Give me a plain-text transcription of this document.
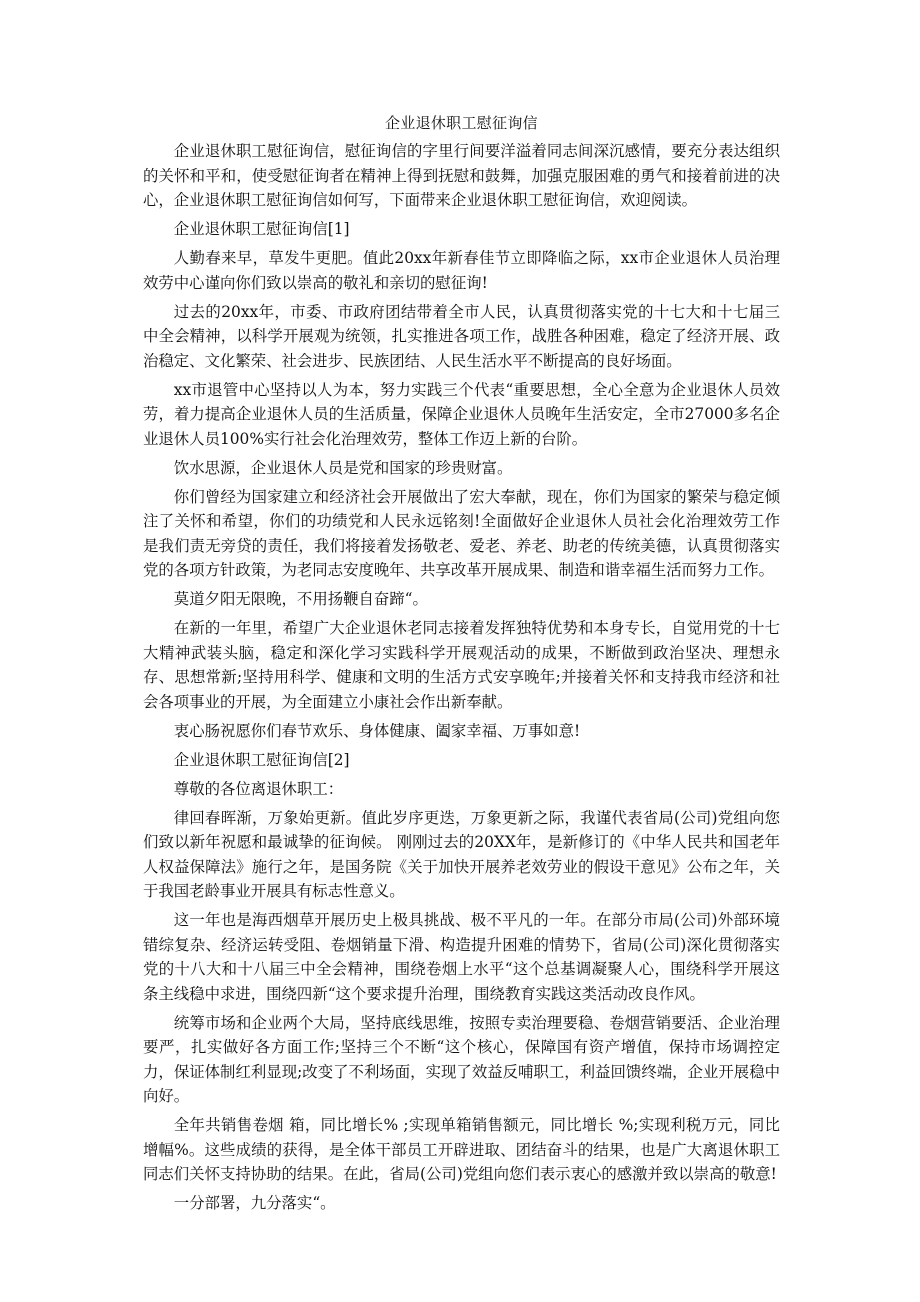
企业退休职工慰征询信

企业退休职工慰征询信，慰征询信的字里行间要洋溢着同志间深沉感情，要充分表达组织的关怀和平和，使受慰征询者在精神上得到抚慰和鼓舞，加强克服困难的勇气和接着前进的决心，企业退休职工慰征询信如何写，下面带来企业退休职工慰征询信，欢迎阅读。

企业退休职工慰征询信[1]

人勤春来早，草发牛更肥。值此20xx年新春佳节立即降临之际，xx市企业退休人员治理效劳中心谨向你们致以崇高的敬礼和亲切的慰征询!

过去的20xx年，市委、市政府团结带着全市人民，认真贯彻落实党的十七大和十七届三中全会精神，以科学开展观为统领，扎实推进各项工作，战胜各种困难，稳定了经济开展、政治稳定、文化繁荣、社会进步、民族团结、人民生活水平不断提高的良好场面。

xx市退管中心坚持以人为本，努力实践三个代表“重要思想，全心全意为企业退休人员效劳，着力提高企业退休人员的生活质量，保障企业退休人员晚年生活安定，全市27000多名企业退休人员100%实行社会化治理效劳，整体工作迈上新的台阶。

饮水思源，企业退休人员是党和国家的珍贵财富。

你们曾经为国家建立和经济社会开展做出了宏大奉献，现在，你们为国家的繁荣与稳定倾注了关怀和希望，你们的功绩党和人民永远铭刻!全面做好企业退休人员社会化治理效劳工作是我们责无旁贷的责任，我们将接着发扬敬老、爱老、养老、助老的传统美德，认真贯彻落实党的各项方针政策，为老同志安度晚年、共享改革开展成果、制造和谐幸福生活而努力工作。

莫道夕阳无限晚，不用扬鞭自奋蹄“。

在新的一年里，希望广大企业退休老同志接着发挥独特优势和本身专长，自觉用党的十七大精神武装头脑，稳定和深化学习实践科学开展观活动的成果，不断做到政治坚决、理想永存、思想常新;坚持用科学、健康和文明的生活方式安享晚年;并接着关怀和支持我市经济和社会各项事业的开展，为全面建立小康社会作出新奉献。

衷心肠祝愿你们春节欢乐、身体健康、阖家幸福、万事如意!

企业退休职工慰征询信[2]

尊敬的各位离退休职工：

律回春晖渐，万象始更新。值此岁序更迭，万象更新之际，我谨代表省局(公司)党组向您们致以新年祝愿和最诚挚的征询候。 刚刚过去的20XX年，是新修订的《中华人民共和国老年人权益保障法》施行之年，是国务院《关于加快开展养老效劳业的假设干意见》公布之年，关于我国老龄事业开展具有标志性意义。

这一年也是海西烟草开展历史上极具挑战、极不平凡的一年。在部分市局(公司)外部环境错综复杂、经济运转受阻、卷烟销量下滑、构造提升困难的情势下，省局(公司)深化贯彻落实党的十八大和十八届三中全会精神，围绕卷烟上水平“这个总基调凝聚人心，围绕科学开展这条主线稳中求进，围绕四新“这个要求提升治理，围绕教育实践这类活动改良作风。

统筹市场和企业两个大局，坚持底线思维，按照专卖治理要稳、卷烟营销要活、企业治理要严，扎实做好各方面工作;坚持三个不断“这个核心，保障国有资产增值，保持市场调控定力，保证体制红利显现;改变了不利场面，实现了效益反哺职工，利益回馈终端，企业开展稳中向好。

全年共销售卷烟 箱，同比增长% ;实现单箱销售额元，同比增长 %;实现利税万元，同比增幅%。这些成绩的获得，是全体干部员工开辟进取、团结奋斗的结果，也是广大离退休职工同志们关怀支持协助的结果。在此，省局(公司)党组向您们表示衷心的感激并致以崇高的敬意!

一分部署，九分落实“。
